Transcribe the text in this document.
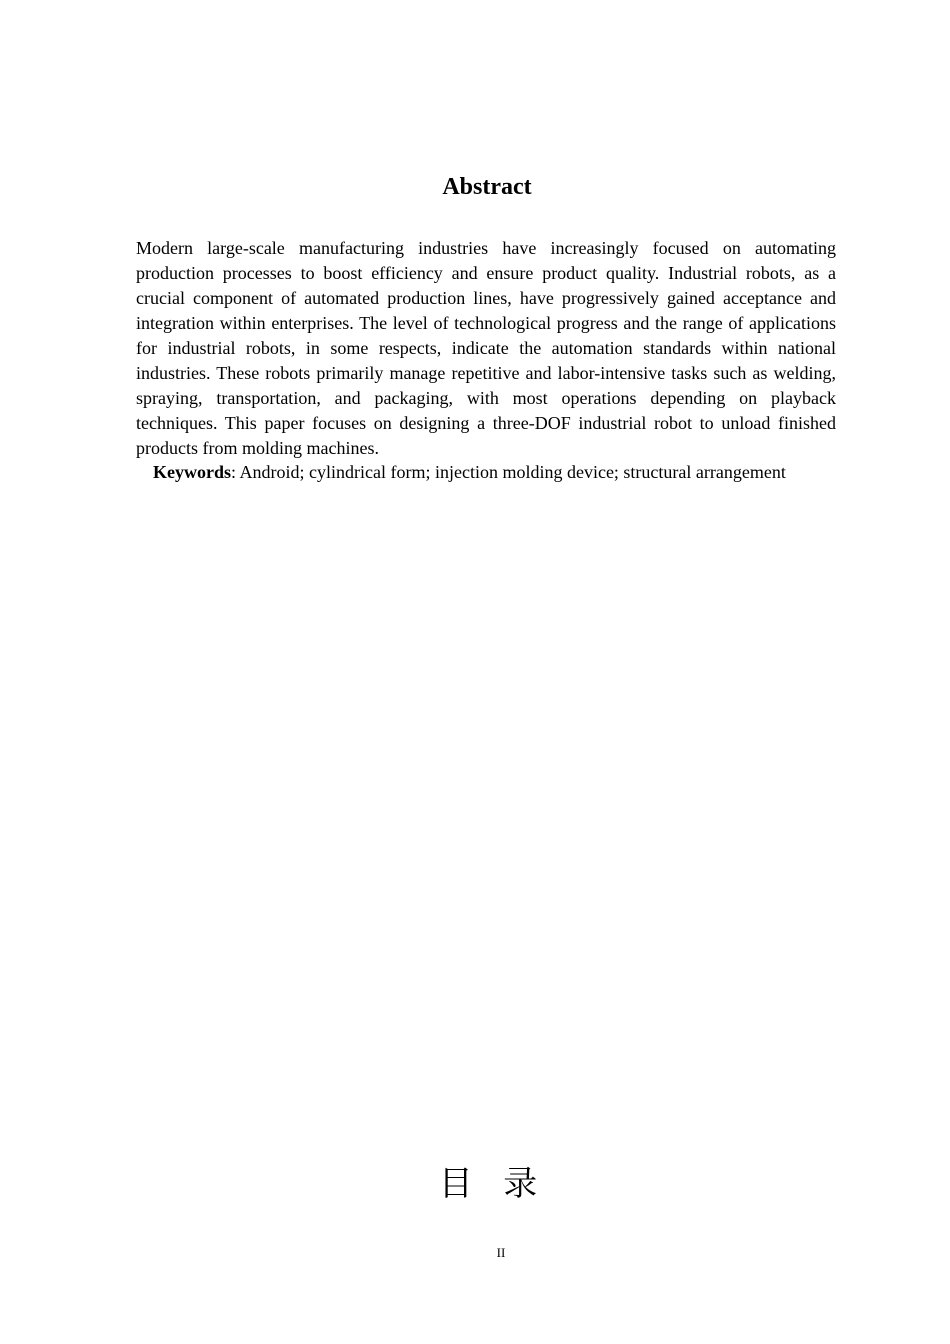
Abstract

Modern large-scale manufacturing industries have increasingly focused on automating production processes to boost efficiency and ensure product quality. Industrial robots, as a crucial component of automated production lines, have progressively gained acceptance and integration within enterprises. The level of technological progress and the range of applications for industrial robots, in some respects, indicate the automation standards within national industries. These robots primarily manage repetitive and labor-intensive tasks such as welding, spraying, transportation, and packaging, with most operations depending on playback techniques. This paper focuses on designing a three-DOF industrial robot to unload finished products from molding machines.

Keywords: Android; cylindrical form; injection molding device; structural arrangement

目录
II
